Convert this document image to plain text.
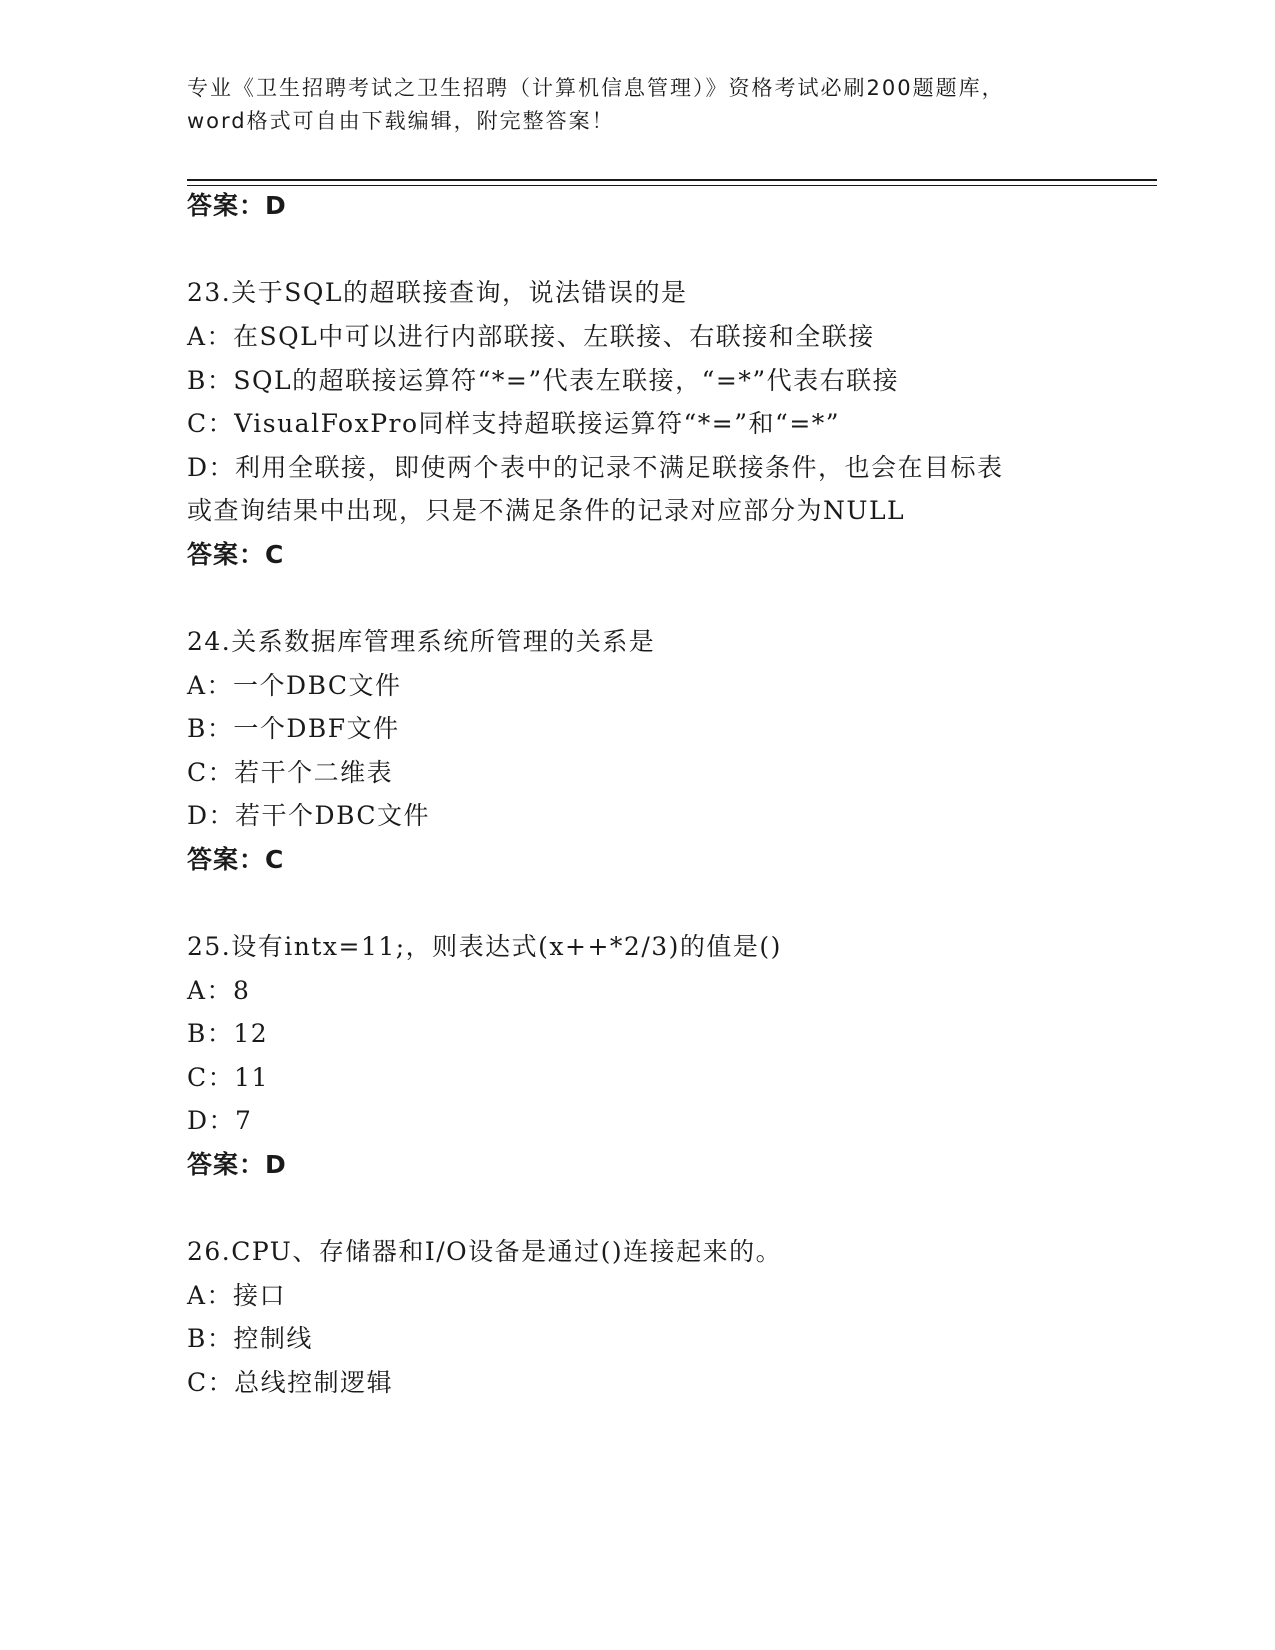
专业《卫生招聘考试之卫生招聘（计算机信息管理）》资格考试必刷200题题库，
word格式可自由下载编辑，附完整答案！
答案：D
23.关于SQL的超联接查询，说法错误的是
A：在SQL中可以进行内部联接、左联接、右联接和全联接
B：SQL的超联接运算符“*=”代表左联接，“=*”代表右联接
C：VisualFoxPro同样支持超联接运算符“*=”和“=*”
D：利用全联接，即使两个表中的记录不满足联接条件，也会在目标表
或查询结果中出现，只是不满足条件的记录对应部分为NULL
答案：C
24.关系数据库管理系统所管理的关系是
A：一个DBC文件
B：一个DBF文件
C：若干个二维表
D：若干个DBC文件
答案：C
25.设有intx=11;，则表达式(x++*2/3)的值是()
A：8
B：12
C：11
D：7
答案：D
26.CPU、存储器和I/O设备是通过()连接起来的。
A：接口
B：控制线
C：总线控制逻辑
